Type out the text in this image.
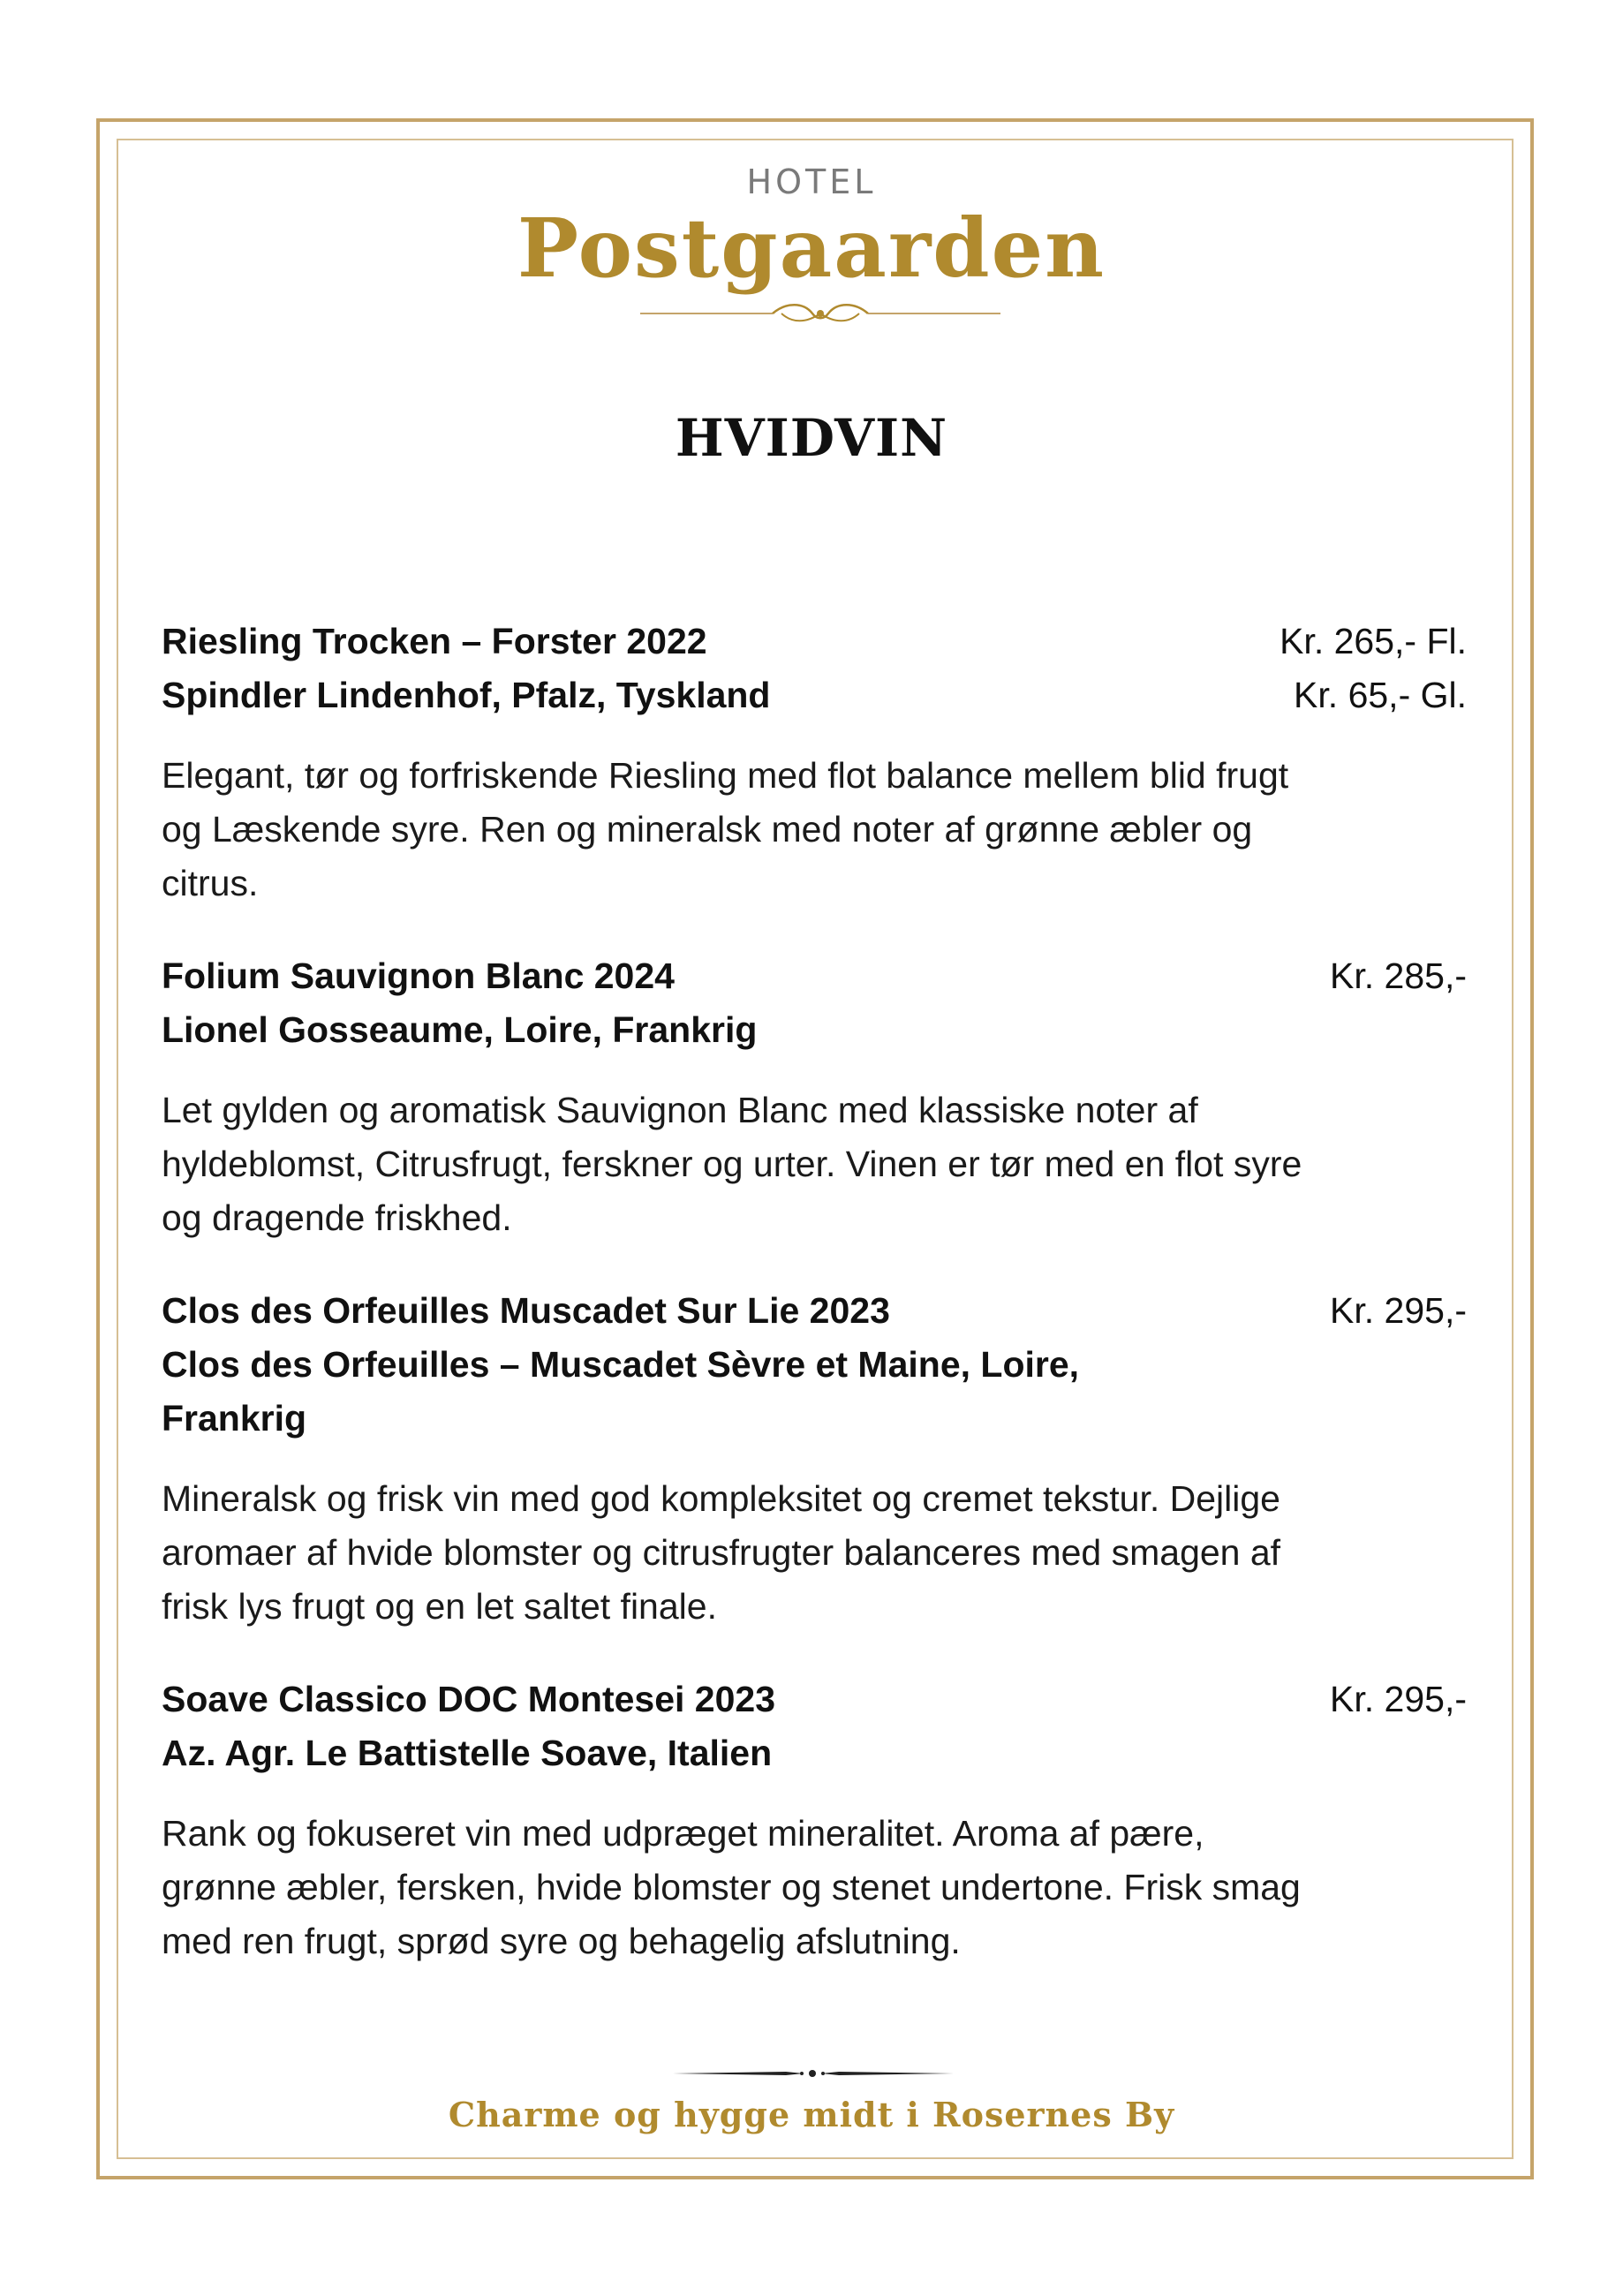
HOTEL
Postgaarden
HVIDVIN
Riesling Trocken – Forster 2022
Spindler Lindenhof, Pfalz, Tyskland
Kr. 265,- Fl.
Kr. 65,- Gl.

Elegant, tør og forfriskende Riesling med flot balance mellem blid frugt og Læskende syre. Ren og mineralsk med noter af grønne æbler og citrus.

Folium Sauvignon Blanc 2024
Lionel Gosseaume, Loire, Frankrig
Kr. 285,-

Let gylden og aromatisk Sauvignon Blanc med klassiske noter af hyldeblomst, Citrusfrugt, ferskner og urter. Vinen er tør med en flot syre og dragende friskhed.

Clos des Orfeuilles Muscadet Sur Lie 2023
Clos des Orfeuilles – Muscadet Sèvre et Maine, Loire, Frankrig
Kr. 295,-

Mineralsk og frisk vin med god kompleksitet og cremet tekstur. Dejlige aromaer af hvide blomster og citrusfrugter balanceres med smagen af frisk lys frugt og en let saltet finale.

Soave Classico DOC Montesei 2023
Az. Agr. Le Battistelle Soave, Italien
Kr. 295,-

Rank og fokuseret vin med udpræget mineralitet. Aroma af pære, grønne æbler, fersken, hvide blomster og stenet undertone. Frisk smag med ren frugt, sprød syre og behagelig afslutning.

Charme og hygge midt i Rosernes By
